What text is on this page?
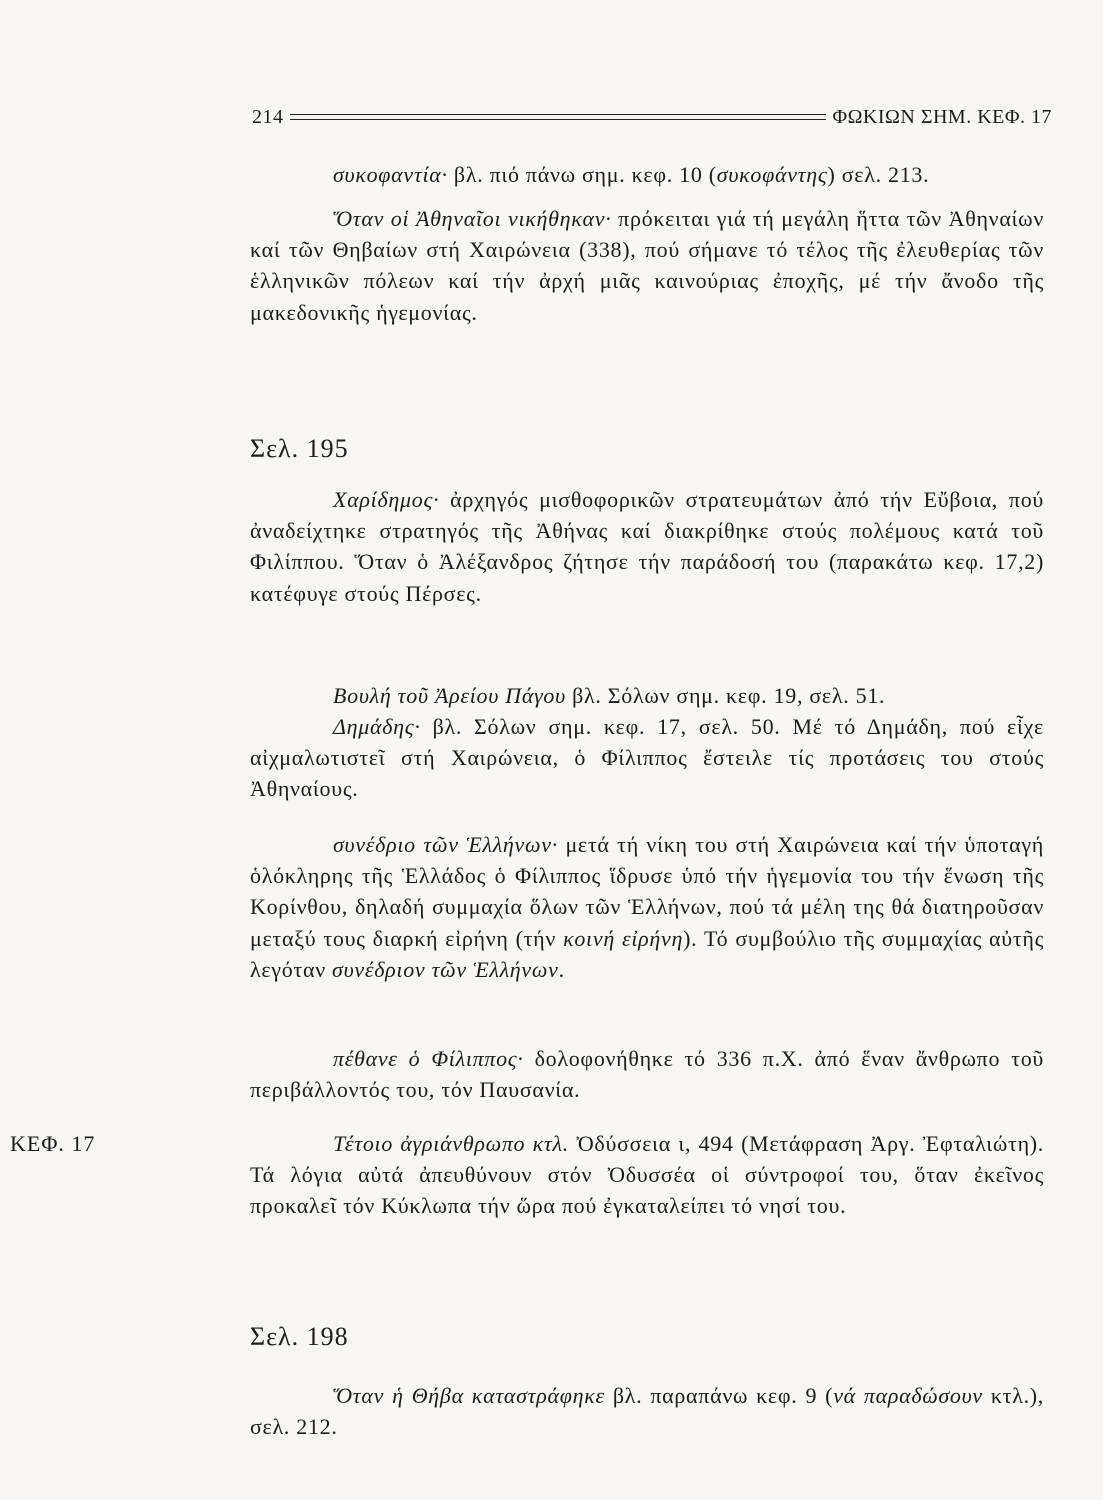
214	ΦΩΚΙΩΝ ΣΗΜ. ΚΕΦ. 17

συκοφαντία· βλ. πιό πάνω σημ. κεφ. 10 (συκοφάντης) σελ. 213.

Ὅταν οἱ Ἀθηναῖοι νικήθηκαν· πρόκειται γιά τή μεγάλη ἥττα τῶν Ἀθηναίων καί τῶν Θηβαίων στή Χαιρώνεια (338), πού σήμανε τό τέλος τῆς ἐλευθερίας τῶν ἑλληνικῶν πόλεων καί τήν ἀρχή μιᾶς καινούριας ἐποχῆς, μέ τήν ἄνοδο τῆς μακεδονικῆς ἡγεμονίας.

Σελ. 195

Χαρίδημος· ἀρχηγός μισθοφορικῶν στρατευμάτων ἀπό τήν Εὔβοια, πού ἀναδείχτηκε στρατηγός τῆς Ἀθήνας καί διακρίθηκε στούς πολέμους κατά τοῦ Φιλίππου. Ὅταν ὁ Ἀλέξανδρος ζήτησε τήν παράδοσή του (παρακάτω κεφ. 17,2) κατέφυγε στούς Πέρσες.

Βουλή τοῦ Ἀρείου Πάγου βλ. Σόλων σημ. κεφ. 19, σελ. 51.

Δημάδης· βλ. Σόλων σημ. κεφ. 17, σελ. 50. Μέ τό Δημάδη, πού εἶχε αἰχμαλωτιστεῖ στή Χαιρώνεια, ὁ Φίλιππος ἔστειλε τίς προτάσεις του στούς Ἀθηναίους.

συνέδριο τῶν Ἑλλήνων· μετά τή νίκη του στή Χαιρώνεια καί τήν ὑποταγή ὁλόκληρης τῆς Ἑλλάδος ὁ Φίλιππος ἵδρυσε ὑπό τήν ἡγεμονία του τήν ἕνωση τῆς Κορίνθου, δηλαδή συμμαχία ὅλων τῶν Ἑλλήνων, πού τά μέλη της θά διατηροῦσαν μεταξύ τους διαρκή εἰρήνη (τήν κοινή εἰρήνη). Τό συμβούλιο τῆς συμμαχίας αὐτῆς λεγόταν συνέδριον τῶν Ἑλλήνων.

πέθανε ὁ Φίλιππος· δολοφονήθηκε τό 336 π.Χ. ἀπό ἕναν ἄνθρωπο τοῦ περιβάλλοντός του, τόν Παυσανία.

ΚΕΦ. 17	Τέτοιο ἀγριάνθρωπο κτλ. Ὀδύσσεια ι, 494 (Μετάφραση Ἀργ. Ἐφταλιώτη). Τά λόγια αὐτά ἀπευθύνουν στόν Ὀδυσσέα οἱ σύντροφοί του, ὅταν ἐκεῖνος προκαλεῖ τόν Κύκλωπα τήν ὥρα πού ἐγκαταλείπει τό νησί του.

Σελ. 198

Ὅταν ἡ Θήβα καταστράφηκε βλ. παραπάνω κεφ. 9 (νά παραδώσουν κτλ.), σελ. 212.
